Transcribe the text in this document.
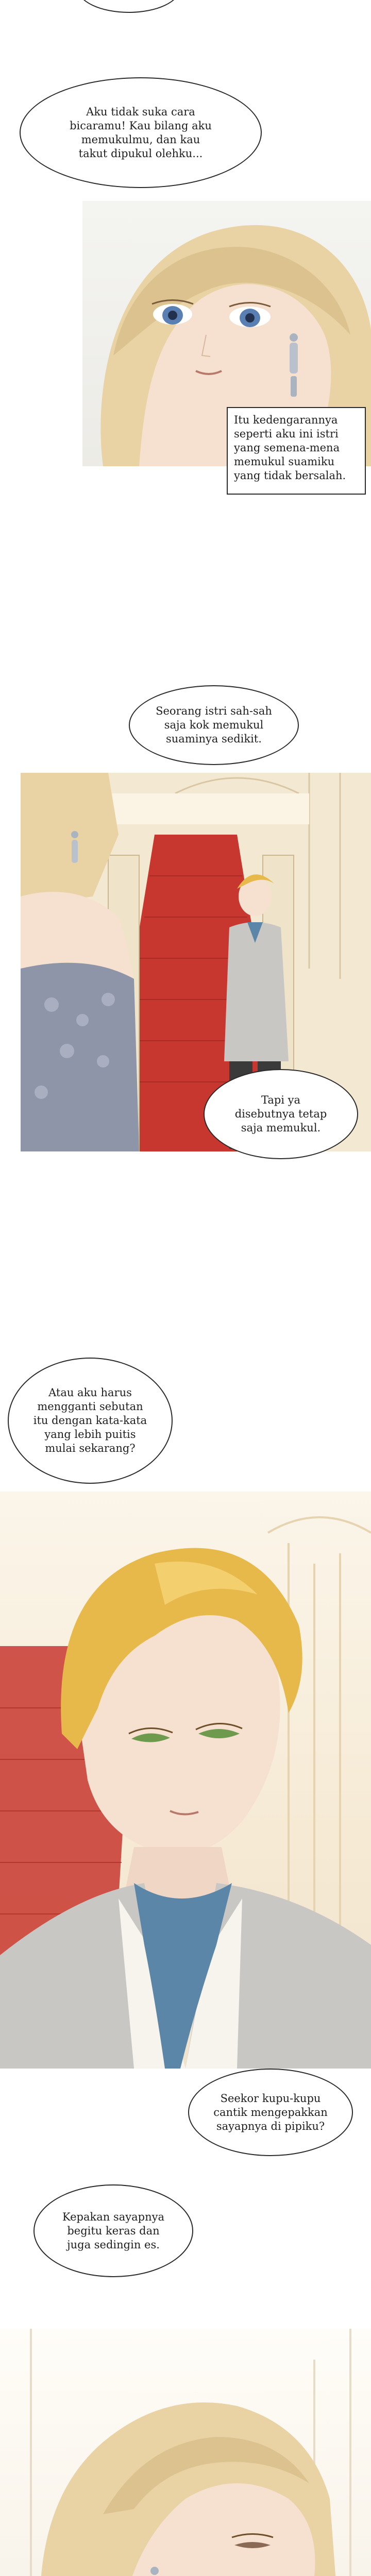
Aku tidak suka cara
bicaramu! Kau bilang aku
memukulmu, dan kau
takut dipukul olehku...
Itu kedengarannya
seperti aku ini istri
yang semena-mena
memukul suamiku
yang tidak bersalah.
Seorang istri sah-sah
saja kok memukul
suaminya sedikit.
Tapi ya
disebutnya tetap
saja memukul.
Atau aku harus
mengganti sebutan
itu dengan kata-kata
yang lebih puitis
mulai sekarang?
Seekor kupu-kupu
cantik mengepakkan
sayapnya di pipiku?
Kepakan sayapnya
begitu keras dan
juga sedingin es.
